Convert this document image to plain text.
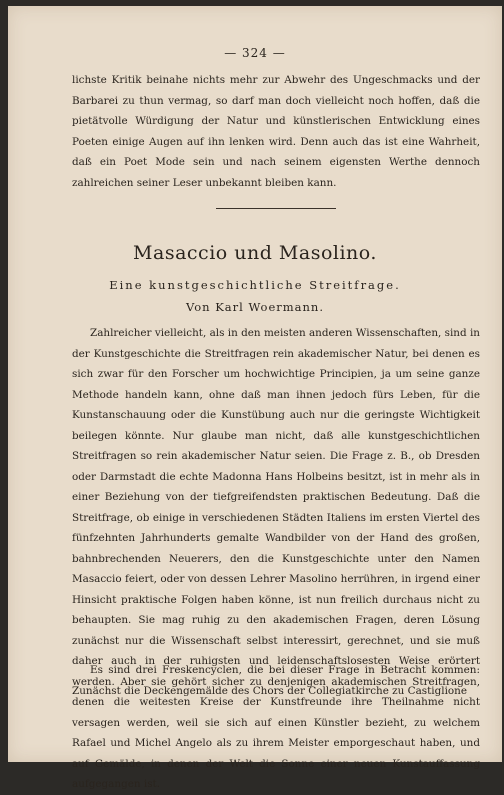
— 324 —
lichste Kritik beinahe nichts mehr zur Abwehr des Ungeschmacks und der Barbarei zu thun vermag, so darf man doch vielleicht noch hoffen, daß die pietätvolle Würdigung der Natur und künstlerischen Entwicklung eines Poeten einige Augen auf ihn lenken wird. Denn auch das ist eine Wahrheit, daß ein Poet Mode sein und nach seinem eigensten Werthe dennoch zahlreichen seiner Leser unbekannt bleiben kann.
Masaccio und Masolino.
Eine kunstgeschichtliche Streitfrage.
Von Karl Woermann.
Zahlreicher vielleicht, als in den meisten anderen Wissenschaften, sind in der Kunstgeschichte die Streitfragen rein akademischer Natur, bei denen es sich zwar für den Forscher um hochwichtige Principien, ja um seine ganze Methode handeln kann, ohne daß man ihnen jedoch fürs Leben, für die Kunstanschauung oder die Kunstübung auch nur die geringste Wichtigkeit beilegen könnte. Nur glaube man nicht, daß alle kunstgeschichtlichen Streitfragen so rein akademischer Natur seien. Die Frage z. B., ob Dresden oder Darmstadt die echte Madonna Hans Holbeins besitzt, ist in mehr als in einer Beziehung von der tiefgreifendsten praktischen Bedeutung. Daß die Streitfrage, ob einige in verschiedenen Städten Italiens im ersten Viertel des fünfzehnten Jahrhunderts gemalte Wandbilder von der Hand des großen, bahnbrechenden Neuerers, den die Kunstgeschichte unter den Namen Masaccio feiert, oder von dessen Lehrer Masolino herrühren, in irgend einer Hinsicht praktische Folgen haben könne, ist nun freilich durchaus nicht zu behaupten. Sie mag ruhig zu den akademischen Fragen, deren Lösung zunächst nur die Wissenschaft selbst interessirt, gerechnet, und sie muß daher auch in der ruhigsten und leidenschaftslosesten Weise erörtert werden. Aber sie gehört sicher zu denjenigen akademischen Streitfragen, denen die weitesten Kreise der Kunstfreunde ihre Theilnahme nicht versagen werden, weil sie sich auf einen Künstler bezieht, zu welchem Rafael und Michel Angelo als zu ihrem Meister emporgeschaut haben, und auf Gemälde, in denen der Welt die Sonne einer neuen Kunstauffassung aufgegangen ist.
Es sind drei Freskencyclen, die bei dieser Frage in Betracht kommen: Zunächst die Deckengemälde des Chors der Collegiatkirche zu Castiglione
